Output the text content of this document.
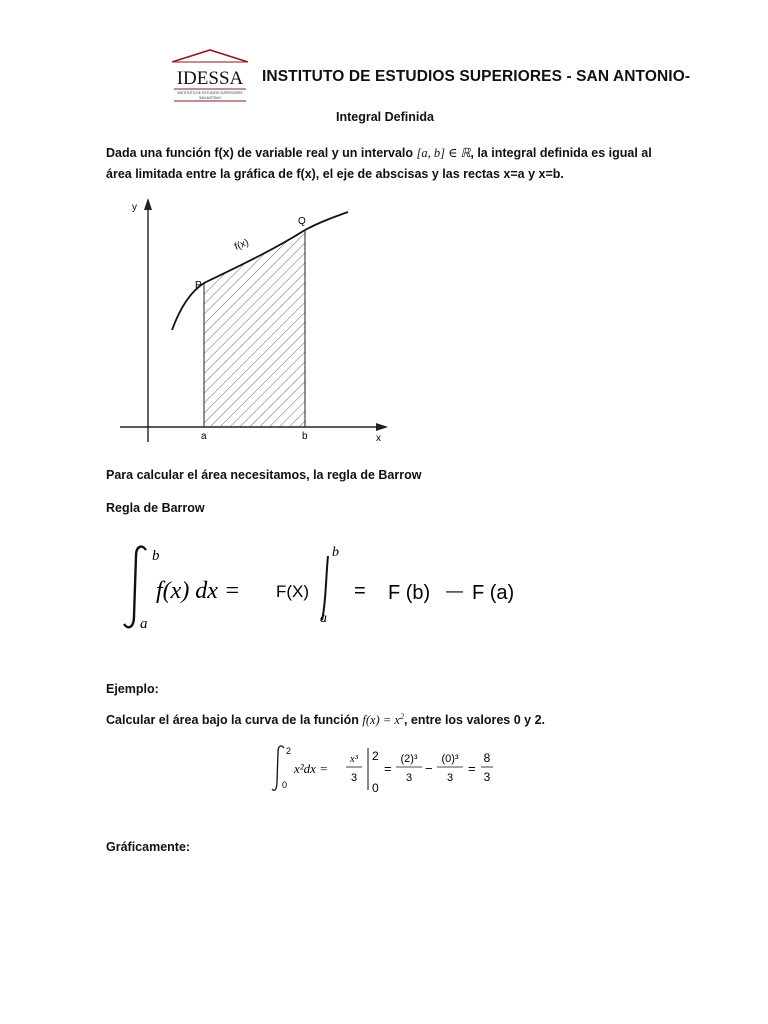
IDESSA
INSTITUTO DE ESTUDIOS SUPERIORES
SAN ANTONIO
INSTITUTO DE ESTUDIOS SUPERIORES - SAN ANTONIO-
Integral Definida
Dada una función f(x) de variable real y un intervalo [a, b] ∈ ℝ, la integral definida es igual al área limitada entre la gráfica de f(x), el eje de abscisas y las rectas x=a y x=b.
y
x
f(x)
P
Q
a	b
Para calcular el área necesitamos, la regla de Barrow
Regla de Barrow
b
a
f(x) dx = F(X)
b
a
= F (b) — F (a)
Ejemplo:
Calcular el área bajo la curva de la función $f(x) = x^2$, entre los valores 0 y 2.
2
0
x²dx =
x³
3
2
0
=
(2)³
3
−
(0)³
3
=
8
3
Gráficamente:
